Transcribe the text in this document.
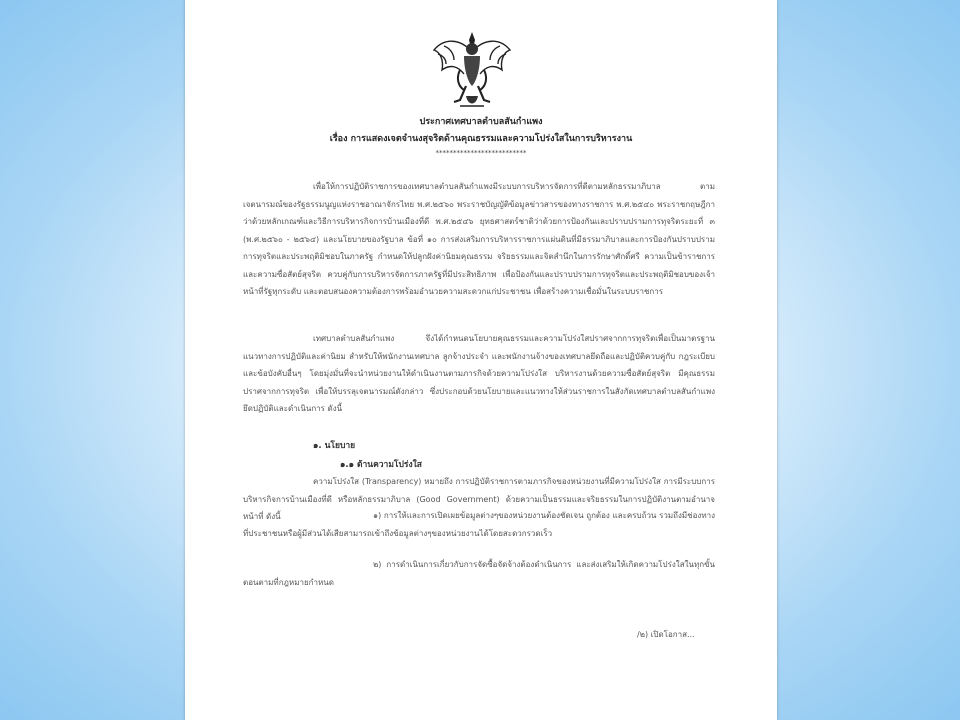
ประกาศเทศบาลตำบลสันกำแพง
เรื่อง การแสดงเจตจำนงสุจริตด้านคุณธรรมและความโปร่งใสในการบริหารงาน
**************************
เพื่อให้การปฏิบัติราชการของเทศบาลตำบลสันกำแพงมีระบบการบริหารจัดการที่ดีตามหลักธรรมาภิบาล ตามเจตนารมณ์ของรัฐธรรมนูญแห่งราชอาณาจักรไทย พ.ศ.๒๕๖๐ พระราชบัญญัติข้อมูลข่าวสารของทางราชการ พ.ศ.๒๕๔๐ พระราชกฤษฎีกาว่าด้วยหลักเกณฑ์และวิธีการบริหารกิจการบ้านเมืองที่ดี พ.ศ.๒๕๔๖ ยุทธศาสตร์ชาติว่าด้วยการป้องกันและปราบปรามการทุจริตระยะที่ ๓ (พ.ศ.๒๕๖๐ - ๒๕๖๔) และนโยบายของรัฐบาล ข้อที่ ๑๐ การส่งเสริมการบริหารราชการแผ่นดินที่มีธรรมาภิบาลและการป้องกันปราบปรามการทุจริตและประพฤติมิชอบในภาครัฐ กำหนดให้ปลูกฝังค่านิยมคุณธรรม จริยธรรมและจิตสำนึกในการรักษาศักดิ์ศรี ความเป็นข้าราชการ และความซื่อสัตย์สุจริต ควบคู่กับการบริหารจัดการภาครัฐที่มีประสิทธิภาพ เพื่อป้องกันและปราบปรามการทุจริตและประพฤติมิชอบของเจ้าหน้าที่รัฐทุกระดับ และตอบสนองความต้องการพร้อมอำนวยความสะดวกแก่ประชาชน เพื่อสร้างความเชื่อมั่นในระบบราชการ
เทศบาลตำบลสันกำแพง จึงได้กำหนดนโยบายคุณธรรมและความโปร่งใสปราศจากการทุจริตเพื่อเป็นมาตรฐาน แนวทางการปฏิบัติและค่านิยม สำหรับให้พนักงานเทศบาล ลูกจ้างประจำ และพนักงานจ้างของเทศบาลยึดถือและปฏิบัติควบคู่กับ กฎระเบียบและข้อบังคับอื่นๆ โดยมุ่งมั่นที่จะนำหน่วยงานให้ดำเนินงานตามภารกิจด้วยความโปร่งใส บริหารงานด้วยความซื่อสัตย์สุจริต มีคุณธรรม ปราศจากการทุจริต เพื่อให้บรรลุเจตนารมณ์ดังกล่าว ซึ่งประกอบด้วยนโยบายและแนวทางให้ส่วนราชการในสังกัดเทศบาลตำบลสันกำแพงยึดปฏิบัติและดำเนินการ ดังนี้
๑. นโยบาย
๑.๑ ด้านความโปร่งใส
ความโปร่งใส (Transparency) หมายถึง การปฏิบัติราชการตามภารกิจของหน่วยงานที่มีความโปร่งใส การมีระบบการบริหารกิจการบ้านเมืองที่ดี หรือหลักธรรมาภิบาล (Good Government) ด้วยความเป็นธรรมและจริยธรรมในการปฏิบัติงานตามอำนาจหน้าที่ ดังนี้	๑) การให้และการเปิดเผยข้อมูลต่างๆของหน่วยงานต้องชัดเจน ถูกต้อง และครบถ้วน รวมถึงมีช่องทางที่ประชาชนหรือผู้มีส่วนได้เสียสามารถเข้าถึงข้อมูลต่างๆของหน่วยงานได้โดยสะดวกรวดเร็ว
๒) การดำเนินการเกี่ยวกับการจัดซื้อจัดจ้างต้องดำเนินการ และส่งเสริมให้เกิดความโปร่งใสในทุกขั้นตอนตามที่กฎหมายกำหนด
/๒) เปิดโอกาส...
